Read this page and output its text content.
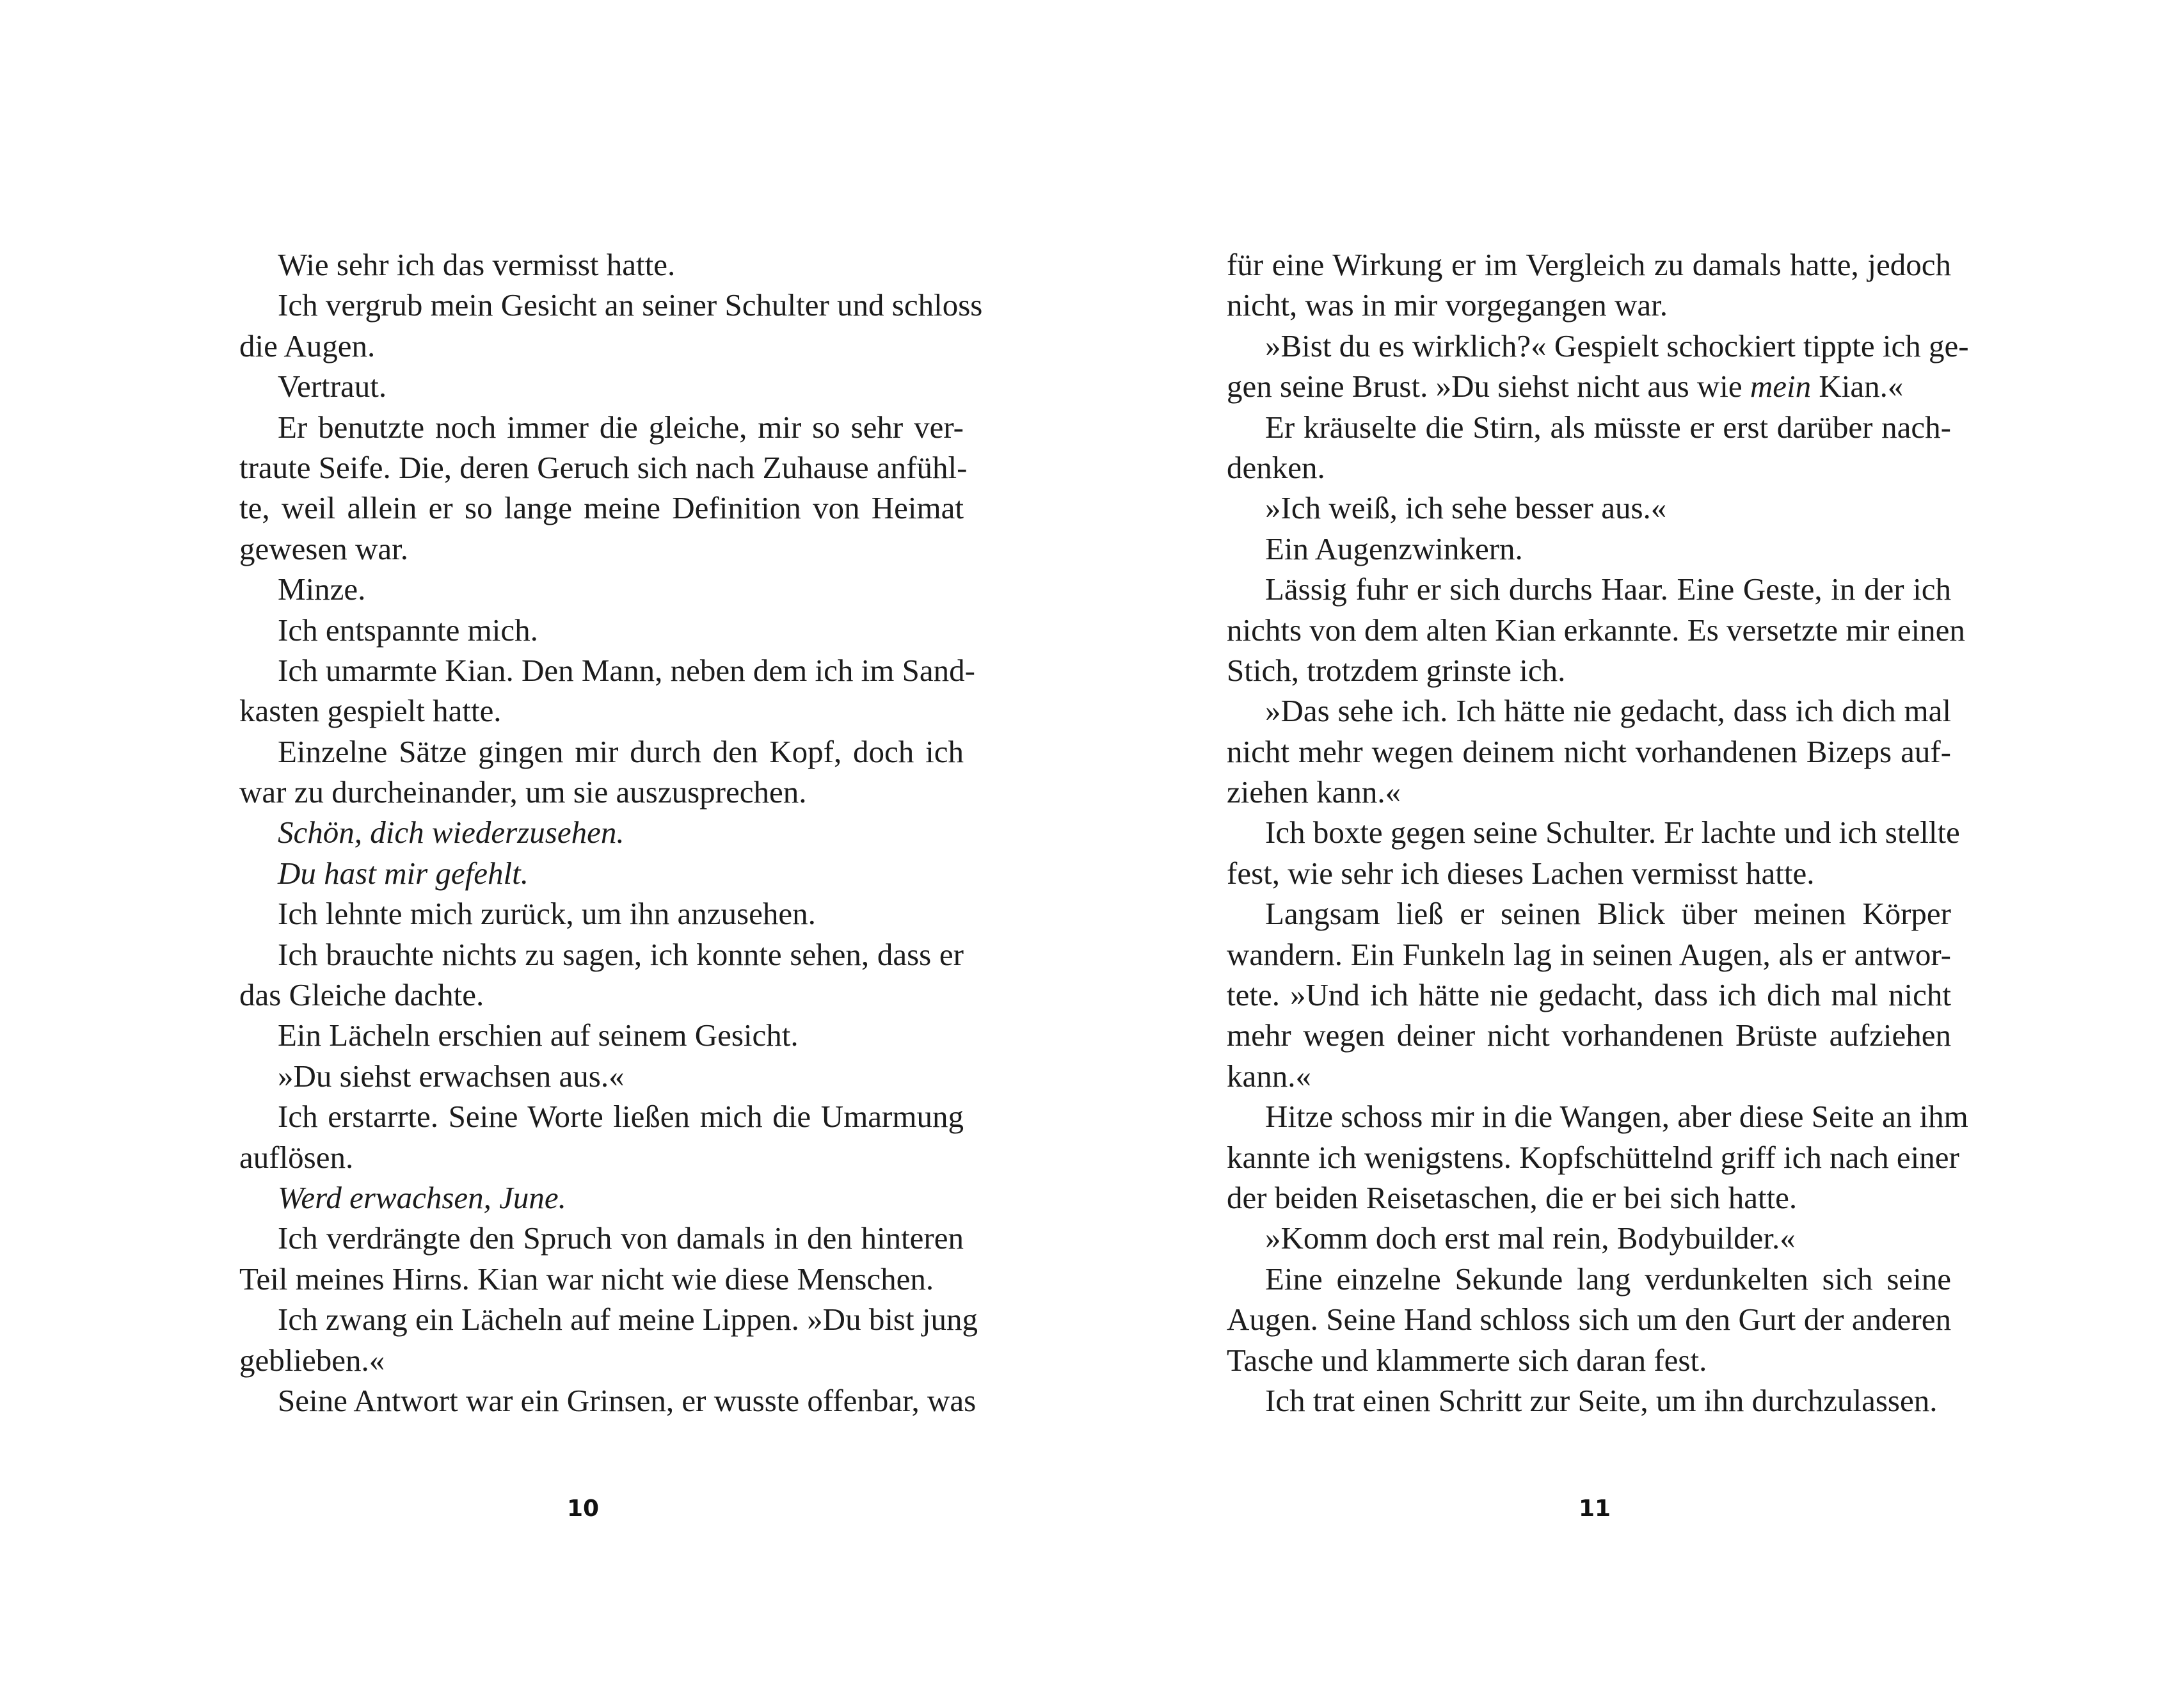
Wie sehr ich das vermisst hatte.
Ich vergrub mein Gesicht an seiner Schulter und schloss
die Augen.
Vertraut.
Er benutzte noch immer die gleiche, mir so sehr ver-
traute Seife. Die, deren Geruch sich nach Zuhause anfühl-
te, weil allein er so lange meine Definition von Heimat
gewesen war.
Minze.
Ich entspannte mich.
Ich umarmte Kian. Den Mann, neben dem ich im Sand-
kasten gespielt hatte.
Einzelne Sätze gingen mir durch den Kopf, doch ich
war zu durcheinander, um sie auszusprechen.
Schön, dich wiederzusehen.
Du hast mir gefehlt.
Ich lehnte mich zurück, um ihn anzusehen.
Ich brauchte nichts zu sagen, ich konnte sehen, dass er
das Gleiche dachte.
Ein Lächeln erschien auf seinem Gesicht.
»Du siehst erwachsen aus.«
Ich erstarrte. Seine Worte ließen mich die Umarmung
auflösen.
Werd erwachsen, June.
Ich verdrängte den Spruch von damals in den hinteren
Teil meines Hirns. Kian war nicht wie diese Menschen.
Ich zwang ein Lächeln auf meine Lippen. »Du bist jung
geblieben.«
Seine Antwort war ein Grinsen, er wusste offenbar, was
10
für eine Wirkung er im Vergleich zu damals hatte, jedoch
nicht, was in mir vorgegangen war.
»Bist du es wirklich?« Gespielt schockiert tippte ich ge-
gen seine Brust. »Du siehst nicht aus wie mein Kian.«
Er kräuselte die Stirn, als müsste er erst darüber nach-
denken.
»Ich weiß, ich sehe besser aus.«
Ein Augenzwinkern.
Lässig fuhr er sich durchs Haar. Eine Geste, in der ich
nichts von dem alten Kian erkannte. Es versetzte mir einen
Stich, trotzdem grinste ich.
»Das sehe ich. Ich hätte nie gedacht, dass ich dich mal
nicht mehr wegen deinem nicht vorhandenen Bizeps auf-
ziehen kann.«
Ich boxte gegen seine Schulter. Er lachte und ich stellte
fest, wie sehr ich dieses Lachen vermisst hatte.
Langsam ließ er seinen Blick über meinen Körper
wandern. Ein Funkeln lag in seinen Augen, als er antwor-
tete. »Und ich hätte nie gedacht, dass ich dich mal nicht
mehr wegen deiner nicht vorhandenen Brüste aufziehen
kann.«
Hitze schoss mir in die Wangen, aber diese Seite an ihm
kannte ich wenigstens. Kopfschüttelnd griff ich nach einer
der beiden Reisetaschen, die er bei sich hatte.
»Komm doch erst mal rein, Bodybuilder.«
Eine einzelne Sekunde lang verdunkelten sich seine
Augen. Seine Hand schloss sich um den Gurt der anderen
Tasche und klammerte sich daran fest.
Ich trat einen Schritt zur Seite, um ihn durchzulassen.
11
